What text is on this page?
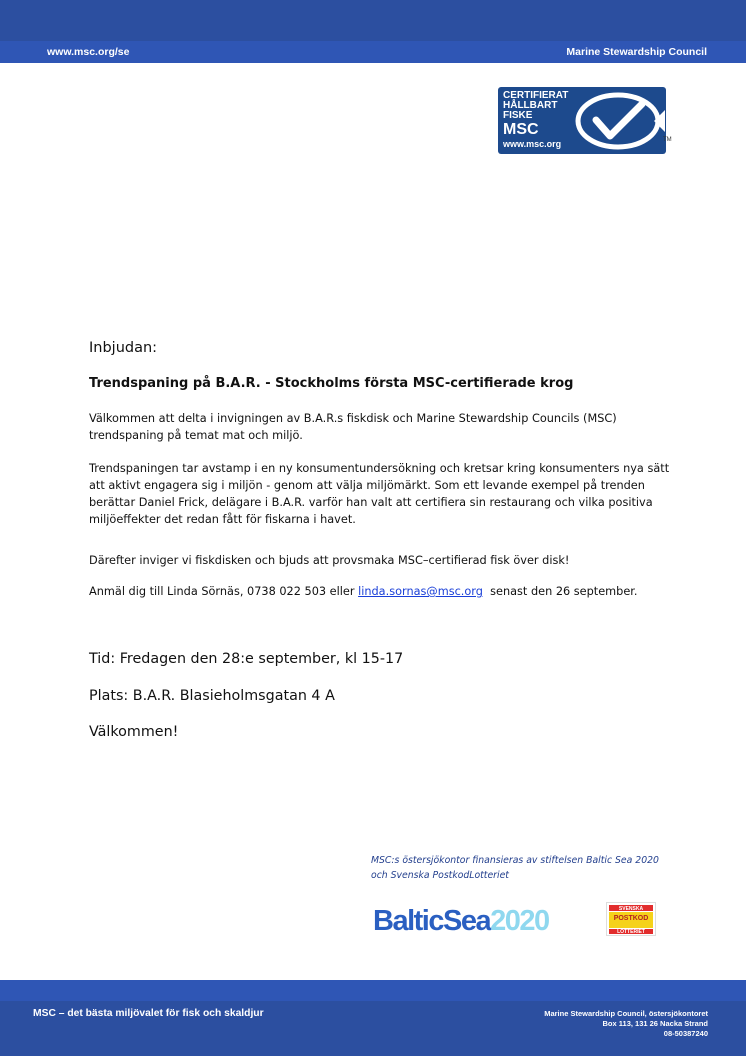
www.msc.org/se	Marine Stewardship Council
CERTIFIERAT
HÅLLBART
FISKE
MSC
www.msc.org	TM
Inbjudan:
Trendspaning på B.A.R. - Stockholms första MSC-certifierade krog

Välkommen att delta i invigningen av B.A.R.s fiskdisk och Marine Stewardship Councils (MSC) trendspaning på temat mat och miljö.

Trendspaningen tar avstamp i en ny konsumentundersökning och kretsar kring konsumenters nya sätt att aktivt engagera sig i miljön - genom att välja miljömärkt. Som ett levande exempel på trenden berättar Daniel Frick, delägare i B.A.R. varför han valt att certifiera sin restaurang och vilka positiva miljöeffekter det redan fått för fiskarna i havet.

Därefter inviger vi fiskdisken och bjuds att provsmaka MSC–certifierad fisk över disk!

Anmäl dig till Linda Sörnäs, 0738 022 503 eller linda.sornas@msc.org  senast den 26 september.

Tid: Fredagen den 28:e september, kl 15-17
Plats: B.A.R. Blasieholmsgatan 4 A
Välkommen!
MSC:s östersjökontor finansieras av stiftelsen Baltic Sea 2020
och Svenska PostkodLotteriet
BalticSea2020	SVENSKA
POSTKOD
LOTTERIET
MSC – det bästa miljövalet för fisk och skaldjur	Marine Stewardship Council, östersjökontoret
Box 113, 131 26 Nacka Strand
08-50387240
